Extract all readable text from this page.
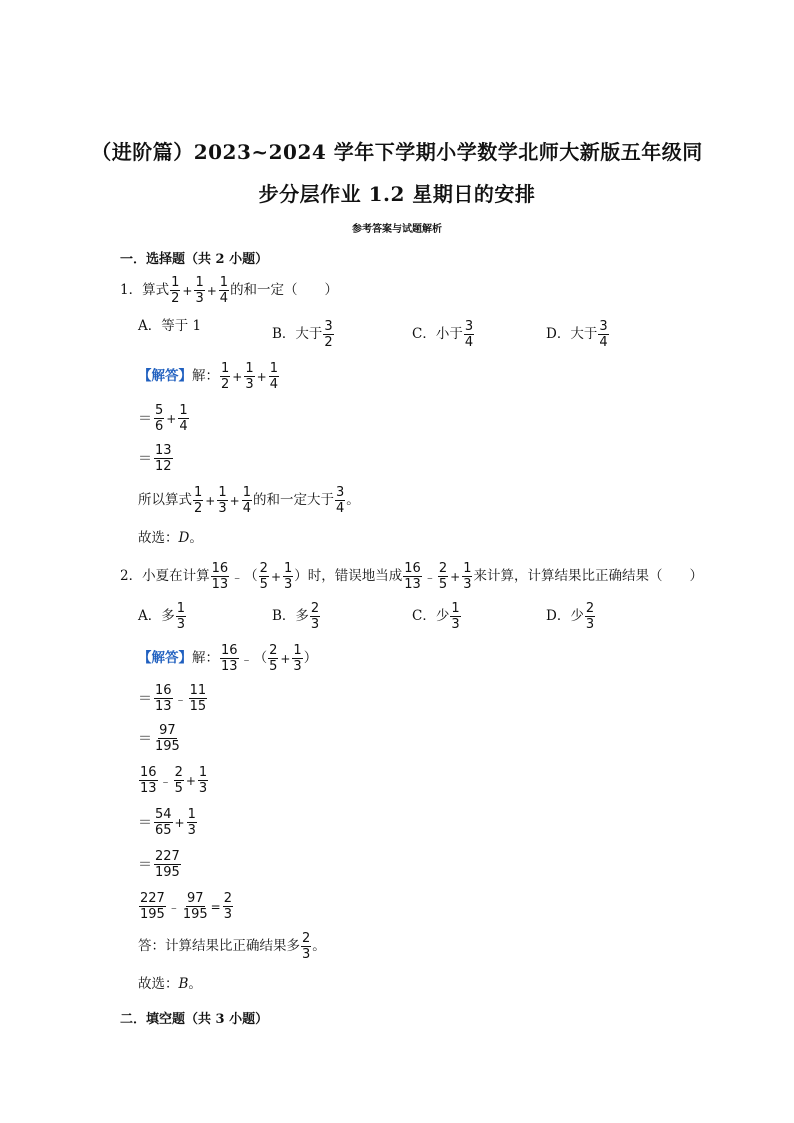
（进阶篇）2023~2024 学年下学期小学数学北师大新版五年级同
步分层作业 1.2 星期日的安排
参考答案与试题解析
一．选择题（共 2 小题）
1． 算式 $\frac{1}{2} + \frac{1}{3} + \frac{1}{4}$ 的和一定（　　）
A．等于 1	B．大于 $\frac{3}{2}$	C．小于 $\frac{3}{4}$	D．大于 $\frac{3}{4}$
【解答】 解： $\frac{1}{2} + \frac{1}{3} + \frac{1}{4}$
＝ $\frac{5}{6} + \frac{1}{4}$
＝ $\frac{13}{12}$
所以算式 $\frac{1}{2} + \frac{1}{3} + \frac{1}{4}$ 的和一定大于 $\frac{3}{4}$ 。
故选： D 。
2． 小夏在计算 $\frac{16}{13}$ ﹣ （ $\frac{2}{5} + \frac{1}{3}$ ） 时，错误地当成 $\frac{16}{13}$ ﹣ $\frac{2}{5} + \frac{1}{3}$ 来计算，计算结果比正确结果（　　）
A．多 $\frac{1}{3}$	B．多 $\frac{2}{3}$	C．少 $\frac{1}{3}$	D．少 $\frac{2}{3}$
【解答】 解： $\frac{16}{13}$ ﹣ （ $\frac{2}{5} + \frac{1}{3}$ ）
＝ $\frac{16}{13}$ ﹣ $\frac{11}{15}$
＝ $\frac{97}{195}$
$\frac{16}{13}$ ﹣ $\frac{2}{5} + \frac{1}{3}$
＝ $\frac{54}{65} + \frac{1}{3}$
＝ $\frac{227}{195}$
$\frac{227}{195}$ ﹣ $\frac{97}{195} = \frac{2}{3}$
答：计算结果比正确结果多 $\frac{2}{3}$ 。
故选： B 。
二．填空题（共 3 小题）
